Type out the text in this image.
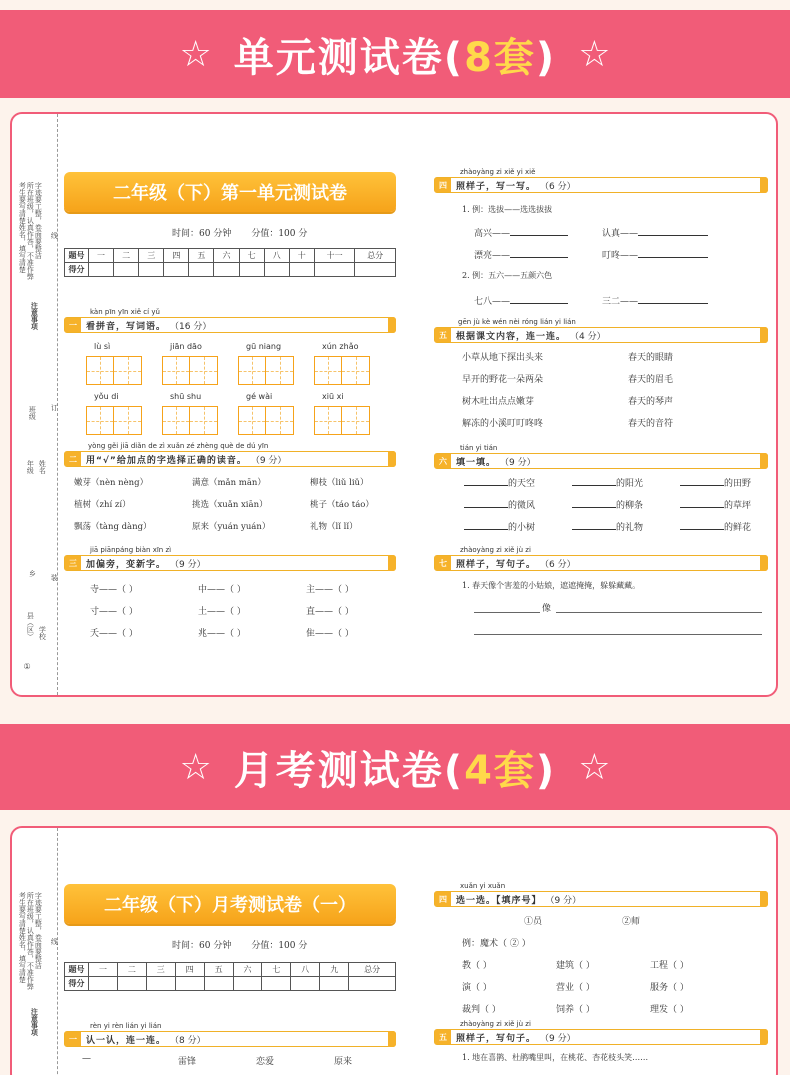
☆ 单元测试卷(8套) ☆
考生要写清楚姓名，填写清楚 所在班级，认真作答，不准作弊 字迹要工整，卷面要整洁
注意事项
线
班级 订
年级 姓名
乡
装
县（区） 学校
①
二年级（下）第一单元测试卷
时间：60 分钟 分值：100 分
题号	一	二	三	四	五	六	七	八	十	十一	总分
得分											
kàn pīn yīn xiě cí yǔ
一	看拼音，写词语。 （16 分）
yòng gěi jiā diǎn de zì xuǎn zé zhèng què de dú yīn
二	用“√”给加点的字选择正确的读音。 （9 分）
jiā piānpáng biàn xīn zì
三	加偏旁，变新字。 （9 分）
zhàoyàng zi xiě yi xiě
四	照样子，写一写。 （6 分）
1. 例：选拔——选选拔拔
高兴——	认真——
漂亮——	叮咚——
2. 例：五六——五颜六色
七八——	三二——
gēn jù kè wén nèi róng lián yi lián
五	根据课文内容，连一连。 （4 分）
tián yi tián
六	填一填。 （9 分）
zhàoyàng zi xiě jù zi
七	照样子，写句子。 （6 分）
1. 春天像个害羞的小姑娘，遮遮掩掩，躲躲藏藏。
像
lù sì	jiān dāo	gū niang	xún zhǎo
yǒu di	shū shu	gé wài	xiū xi
嫩芽（nèn nèng）	满意（mǎn mān）	柳枝（liǔ liǔ）
植树（zhí zí）	挑选（xuǎn xiān）	桃子（táo táo）
飘荡（tàng dàng）	原来（yuán yuán）	礼物（lǐ lǐ）
寺——（ ）	中——（ ）	主——（ ）
寸——（ ）	土——（ ）	直——（ ）
夭——（ ）	兆——（ ）	隹——（ ）
小草从地下探出头来	春天的眼睛
早开的野花一朵两朵	春天的眉毛
树木吐出点点嫩芽	春天的琴声
解冻的小溪叮叮咚咚	春天的音符
的天空	的阳光	的田野
的微风	的柳条	的草坪
的小树	的礼物	的鲜花
☆ 月考测试卷(4套) ☆
考生要写清楚姓名，填写清楚 所在班级，认真作答，不准作弊 字迹要工整，卷面要整洁
注意事项
线
二年级（下）月考测试卷（一）
时间：60 分钟 分值：100 分
题号	一	二	三	四	五	六	七	八	九	总分
得分										
rèn yi rèn lián yi lián
一	认一认，连一连。 （8 分）
—	雷锋	恋爱	原来
xuǎn yi xuǎn
四	选一选。【填序号】 （9 分）
①员	②师
例：魔术（ ② ）
zhàoyàng zi xiě jù zi
五	照样子，写句子。 （9 分）
1. 地在喜鹊、杜鹃嘴里叫，在桃花、杏花枝头笑……
教（ ）	建筑（ ）	工程（ ）
演（ ）	营业（ ）	服务（ ）
裁判（ ）	饲养（ ）	理发（ ）
